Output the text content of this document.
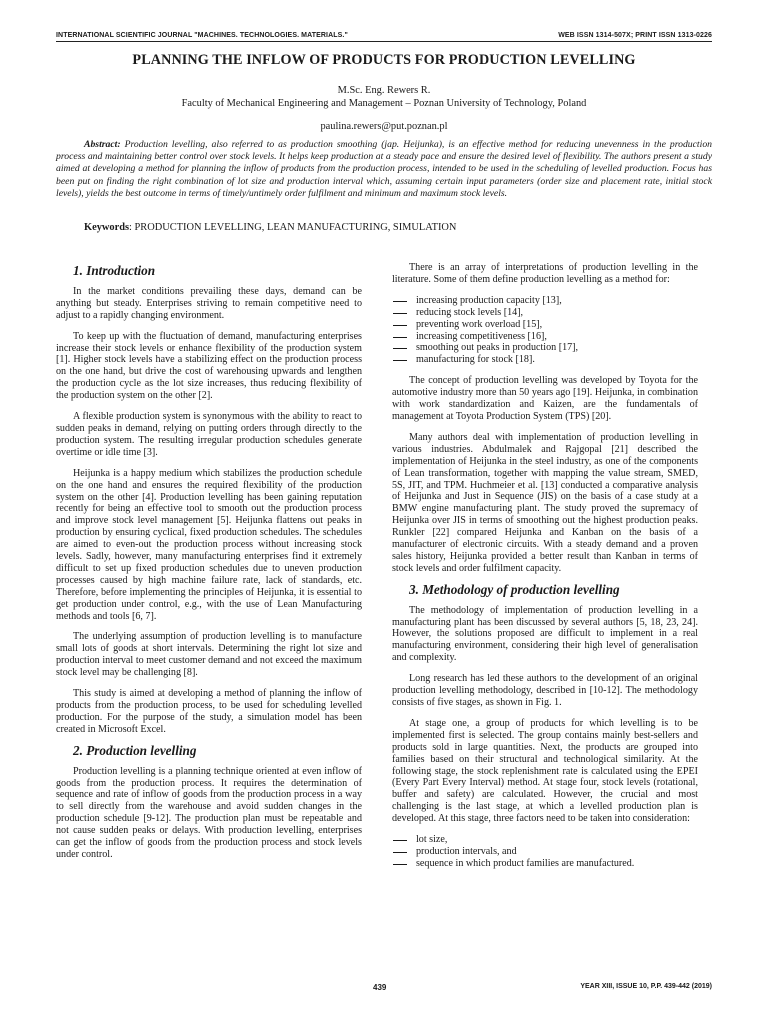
INTERNATIONAL SCIENTIFIC JOURNAL "MACHINES. TECHNOLOGIES. MATERIALS."	WEB ISSN 1314-507X; PRINT ISSN 1313-0226
PLANNING THE INFLOW OF PRODUCTS FOR PRODUCTION LEVELLING
M.Sc. Eng. Rewers R.
Faculty of Mechanical Engineering and Management – Poznan University of Technology, Poland
paulina.rewers@put.poznan.pl

Abstract: Production levelling, also referred to as production smoothing (jap. Heijunka), is an effective method for reducing unevenness in the production process and maintaining better control over stock levels. It helps keep production at a steady pace and ensure the desired level of flexibility. The authors present a study aimed at developing a method for planning the inflow of products from the production process, intended to be used in the scheduling of levelled production. Focus has been put on finding the right combination of lot size and production interval which, assuming certain input parameters (order size and placement rate, initial stock levels), yields the best outcome in terms of timely/untimely order fulfilment and minimum and maximum stock levels.

Keywords: PRODUCTION LEVELLING, LEAN MANUFACTURING, SIMULATION
1. Introduction

In the market conditions prevailing these days, demand can be anything but steady. Enterprises striving to remain competitive need to adjust to a rapidly changing environment.

To keep up with the fluctuation of demand, manufacturing enterprises increase their stock levels or enhance flexibility of the production system [1]. Higher stock levels have a stabilizing effect on the production process on the one hand, but drive the cost of warehousing upwards and lengthen the production cycle as the lot size increases, thus reducing flexibility of the production system on the other [2].

A flexible production system is synonymous with the ability to react to sudden peaks in demand, relying on putting orders through directly to the production system. The resulting irregular production schedules generate overtime or idle time [3].

Heijunka is a happy medium which stabilizes the production schedule on the one hand and ensures the required flexibility of the production system on the other [4]. Production levelling has been gaining reputation recently for being an effective tool to smooth out the production process and improve stock level management [5]. Heijunka flattens out peaks in production by ensuring cyclical, fixed production schedules. The schedules are aimed to even-out the production process without increasing stock levels. Sadly, however, many manufacturing enterprises find it extremely difficult to set up fixed production schedules due to uneven production processes caused by high machine failure rate, lack of standards, etc. Therefore, before implementing the principles of Heijunka, it is essential to get production under control, e.g., with the use of Lean Manufacturing methods and tools [6, 7].

The underlying assumption of production levelling is to manufacture small lots of goods at short intervals. Determining the right lot size and production interval to meet customer demand and not exceed the maximum stock level may be challenging [8].

This study is aimed at developing a method of planning the inflow of products from the production process, to be used for scheduling levelled production. For the purpose of the study, a simulation model has been created in Microsoft Excel.

2. Production levelling

Production levelling is a planning technique oriented at even inflow of goods from the production process. It requires the determination of sequence and rate of inflow of goods from the production process in a way to sell directly from the warehouse and avoid sudden changes in the production schedule [9-12]. The production plan must be repeatable and not cause sudden peaks or delays. With production levelling, enterprises can get the inflow of goods from the production process and stock levels under control.

There is an array of interpretations of production levelling in the literature. Some of them define production levelling as a method for:

increasing production capacity [13],
reducing stock levels [14],
preventing work overload [15],
increasing competitiveness [16],
smoothing out peaks in production [17],
manufacturing for stock [18].

The concept of production levelling was developed by Toyota for the automotive industry more than 50 years ago [19]. Heijunka, in combination with work standardization and Kaizen, are the fundamentals of management at Toyota Production System (TPS) [20].

Many authors deal with implementation of production levelling in various industries. Abdulmalek and Rajgopal [21] described the implementation of Heijunka in the steel industry, as one of the components of Lean transformation, together with mapping the value stream, SMED, 5S, JIT, and TPM. Huchmeier et al. [13] conducted a comparative analysis of Heijunka and Just in Sequence (JIS) on the basis of a case study at a BMW engine manufacturing plant. The study proved the supremacy of Heijunka over JIS in terms of smoothing out the highest production peaks. Runkler [22] compared Heijunka and Kanban on the basis of a manufacturer of electronic circuits. With a steady demand and a proven sales history, Heijunka provided a better result than Kanban in terms of stock levels and order fulfilment capacity.

3. Methodology of production levelling

The methodology of implementation of production levelling in a manufacturing plant has been discussed by several authors [5, 18, 23, 24]. However, the solutions proposed are difficult to implement in a real manufacturing environment, considering their high level of generalisation and complexity.

Long research has led these authors to the development of an original production levelling methodology, described in [10-12]. The methodology consists of five stages, as shown in Fig. 1.

At stage one, a group of products for which levelling is to be implemented first is selected. The group contains mainly best-sellers and products sold in large quantities. Next, the products are grouped into families based on their structural and technological similarity. At the following stage, the stock replenishment rate is calculated using the EPEI (Every Part Every Interval) method. At stage four, stock levels (rotational, buffer and safety) are calculated. However, the crucial and most challenging is the last stage, at which a levelled production plan is developed. At this stage, three factors need to be taken into consideration:

lot size,
production intervals, and
sequence in which product families are manufactured.
439	YEAR XIII, ISSUE 10, P.P. 439-442 (2019)
